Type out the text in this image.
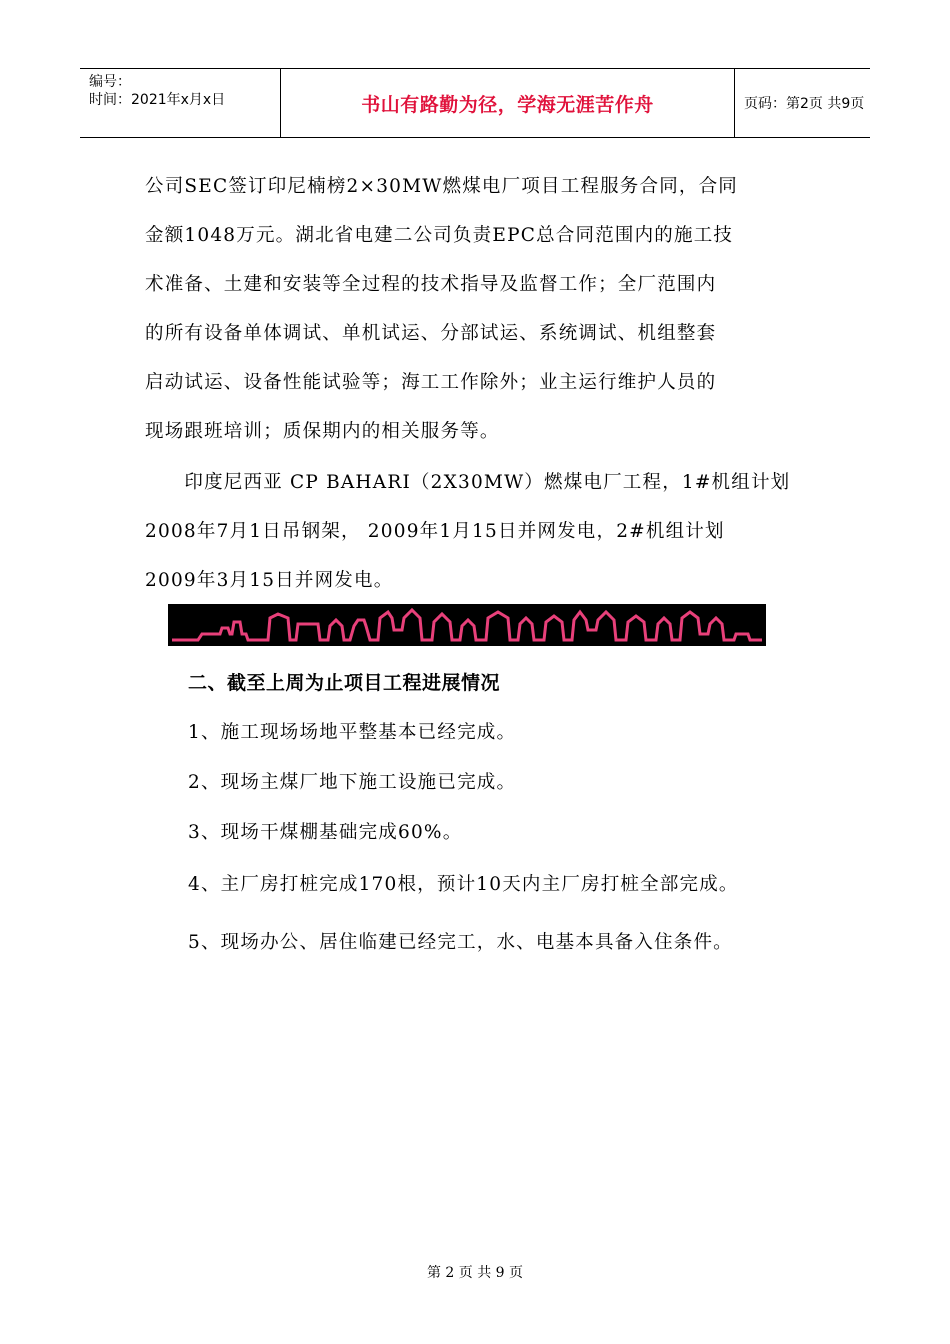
编号：
时间：2021年x月x日	书山有路勤为径，学海无涯苦作舟	页码：第2页 共9页
公司SEC签订印尼楠榜2×30MW燃煤电厂项目工程服务合同，合同
金额1048万元。湖北省电建二公司负责EPC总合同范围内的施工技
术准备、土建和安装等全过程的技术指导及监督工作；全厂范围内
的所有设备单体调试、单机试运、分部试运、系统调试、机组整套
启动试运、设备性能试验等；海工工作除外；业主运行维护人员的
现场跟班培训；质保期内的相关服务等。
　　印度尼西亚 CP BAHARI（2X30MW）燃煤电厂工程，1#机组计划
2008年7月1日吊钢架， 2009年1月15日并网发电，2#机组计划
2009年3月15日并网发电。
二、截至上周为止项目工程进展情况
1、施工现场场地平整基本已经完成。
2、现场主煤厂地下施工设施已完成。
3、现场干煤棚基础完成60%。
4、主厂房打桩完成170根，预计10天内主厂房打桩全部完成。
5、现场办公、居住临建已经完工，水、电基本具备入住条件。
第 2 页 共 9 页
